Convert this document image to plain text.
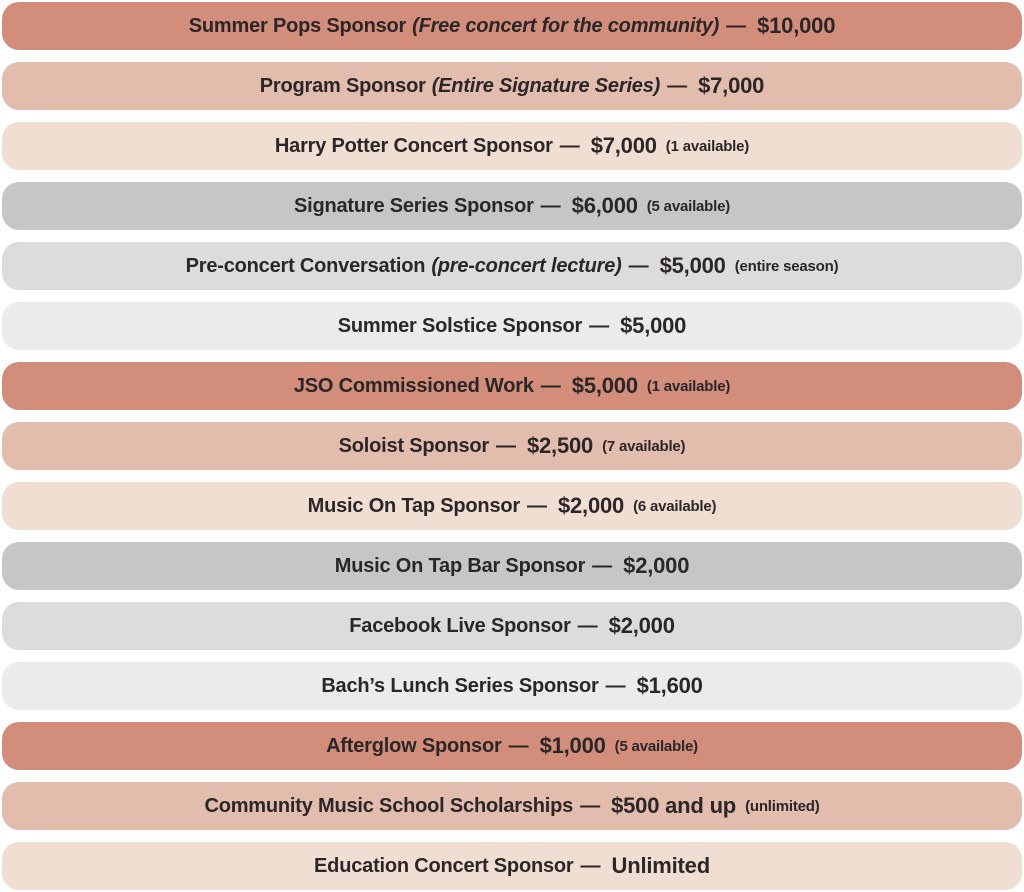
Summer Pops Sponsor (Free concert for the community) — $10,000
Program Sponsor (Entire Signature Series) — $7,000
Harry Potter Concert Sponsor — $7,000 (1 available)
Signature Series Sponsor — $6,000 (5 available)
Pre-concert Conversation (pre-concert lecture) — $5,000 (entire season)
Summer Solstice Sponsor — $5,000
JSO Commissioned Work — $5,000 (1 available)
Soloist Sponsor — $2,500 (7 available)
Music On Tap Sponsor — $2,000 (6 available)
Music On Tap Bar Sponsor — $2,000
Facebook Live Sponsor — $2,000
Bach’s Lunch Series Sponsor — $1,600
Afterglow Sponsor — $1,000 (5 available)
Community Music School Scholarships — $500 and up (unlimited)
Education Concert Sponsor — Unlimited
